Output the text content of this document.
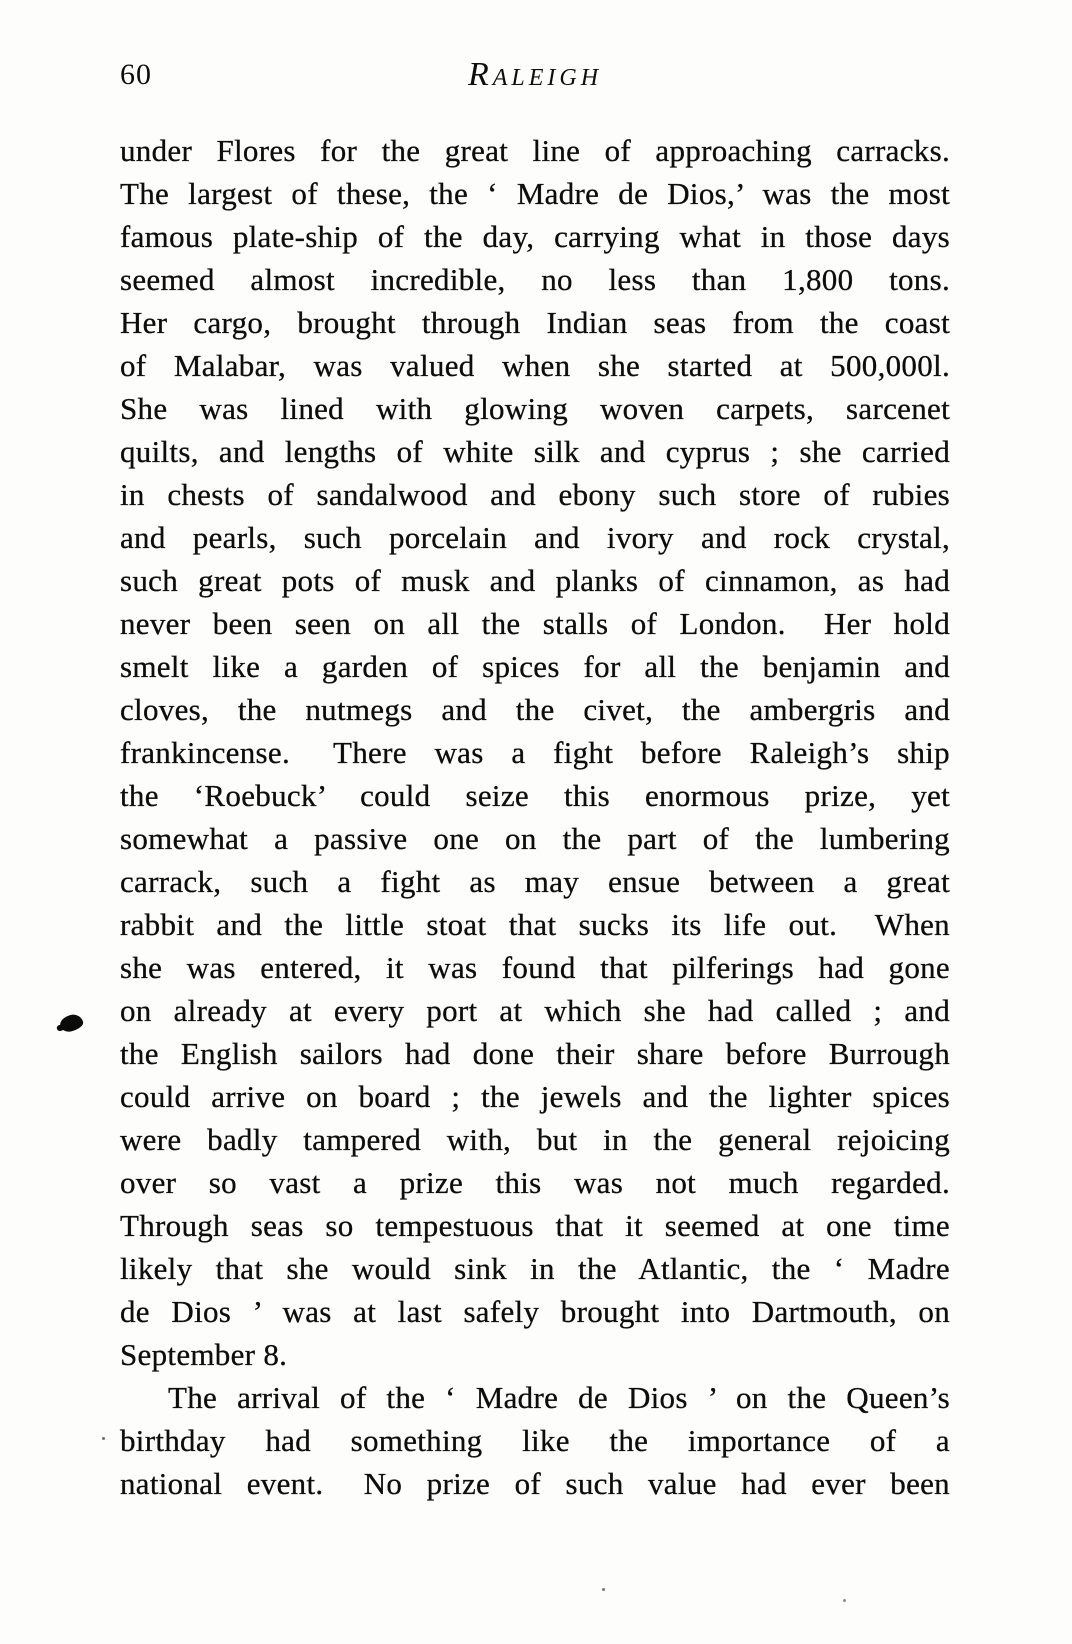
60	Raleigh
under Flores for the great line of approaching carracks.
The largest of these, the ‘ Madre de Dios,’ was the most
famous plate-ship of the day, carrying what in those days
seemed almost incredible, no less than 1,800 tons.
Her cargo, brought through Indian seas from the coast
of Malabar, was valued when she started at 500,000l.
She was lined with glowing woven carpets, sarcenet
quilts, and lengths of white silk and cyprus ; she carried
in chests of sandalwood and ebony such store of rubies
and pearls, such porcelain and ivory and rock crystal,
such great pots of musk and planks of cinnamon, as had
never been seen on all the stalls of London.  Her hold
smelt like a garden of spices for all the benjamin and
cloves, the nutmegs and the civet, the ambergris and
frankincense.  There was a fight before Raleigh’s ship
the ‘Roebuck’ could seize this enormous prize, yet
somewhat a passive one on the part of the lumbering
carrack, such a fight as may ensue between a great
rabbit and the little stoat that sucks its life out.  When
she was entered, it was found that pilferings had gone
on already at every port at which she had called ; and
the English sailors had done their share before Burrough
could arrive on board ; the jewels and the lighter spices
were badly tampered with, but in the general rejoicing
over so vast a prize this was not much regarded.
Through seas so tempestuous that it seemed at one time
likely that she would sink in the Atlantic, the ‘ Madre
de Dios ’ was at last safely brought into Dartmouth, on
September 8.
The arrival of the ‘ Madre de Dios ’ on the Queen’s
birthday had something like the importance of a
national event.  No prize of such value had ever been
